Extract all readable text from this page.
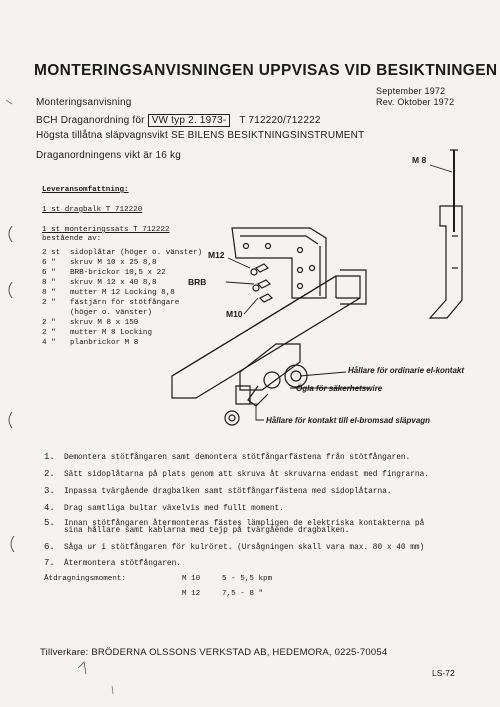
MONTERINGSANVISNINGEN UPPVISAS VID BESIKTNINGEN
September 1972
Rev. Oktober 1972
Monteringsanvisning
BCH Draganordning för VW typ 2. 1973- T 712220/712222
Högsta tillåtna släpvagnsvikt SE BILENS BESIKTNINGSINSTRUMENT
Draganordningens vikt är 16 kg
Leveransomfattning:
1 st dragbalk T 712220
1 st monteringssats T 712222
bestående av:
2 st sidoplåtar (höger o. vänster)
6 " skruv M 10 x 25 8,8
6 " BRB-brickor 10,5 x 22
8 " skruv M 12 x 40 8,8
8 " mutter M 12 Locking 8,8
2 " fästjärn för stötfångare
(höger o. vänster)
2 " skruv M 8 x 150
2 " mutter M 8 Locking
4 " planbrickor M 8
M 8
M12
BRB
M10
Hållare för ordinarie el-kontakt
Ögla för säkerhetswire
Hållare för kontakt till el-bromsad släpvagn
1. Demontera stötfångaren samt demontera stötfångarfästena från stötfångaren.
2. Sätt sidoplåtarna på plats genom att skruva åt skruvarna endast med fingrarna.
3. Inpassa tvärgående dragbalken samt stötfångarfästena med sidoplåtarna.
4. Drag samtliga bultar växelvis med fullt moment.
5. Innan stötfångaren återmonteras fästes lämpligen de elektriska kontakterna på
sina hållare samt kablarna med tejp på tvärgående dragbalken.
6. Såga ur i stötfångaren för kulröret. (Ursågningen skall vara max. 80 x 40 mm)
7. Återmontera stötfångaren.
Åtdragningsmoment:	M 10	5 - 5,5 kpm
M 12	7,5 - 8 "
Tillverkare: BRÖDERNA OLSSONS VERKSTAD AB, HEDEMORA, 0225-70054
LS-72
